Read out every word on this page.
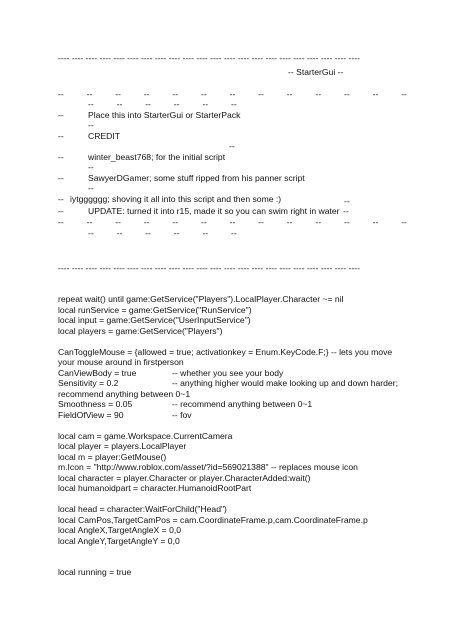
---- ---- ---- ---- ---- ---- ---- ---- ---- ---- ---- ---- ---- ---- ---- ---- ---- ---- ---- ---- ---- ----
-- StarterGui --
--	--	--	--	--	--	--	--	--	--	--	--	--
--	--	--	--	--	--
--	Place this into StarterGui or StarterPack
--
--	CREDIT
--
--	winter_beast768; for the initial script
--
--	SawyerDGamer; some stuff ripped from his panner script
--
-- iytgggggg; shoving it all into this script and then some :)	--
--	UPDATE: turned it into r15, made it so you can swim right in water --
--	--	--	--	--	--	--	--	--	--	--	--	--
--	--	--	--	--	--
---- ---- ---- ---- ---- ---- ---- ---- ---- ---- ---- ---- ---- ---- ---- ---- ---- ---- ---- ---- ---- ----
repeat wait() until game:GetService("Players").LocalPlayer.Character ~= nil
local runService = game:GetService("RunService")
local input = game:GetService("UserInputService")
local players = game:GetService("Players")
CanToggleMouse = {allowed = true; activationkey = Enum.KeyCode.F;} -- lets you move
your mouse around in firstperson
CanViewBody = true	-- whether you see your body
Sensitivity = 0.2	-- anything higher would make looking up and down harder;
recommend anything between 0~1
Smoothness = 0.05	-- recommend anything between 0~1
FieldOfView = 90	-- fov
local cam = game.Workspace.CurrentCamera
local player = players.LocalPlayer
local m = player:GetMouse()
m.Icon = "http://www.roblox.com/asset/?id=569021388" -- replaces mouse icon
local character = player.Character or player.CharacterAdded:wait()
local humanoidpart = character.HumanoidRootPart
local head = character:WaitForChild("Head")
local CamPos,TargetCamPos = cam.CoordinateFrame.p,cam.CoordinateFrame.p
local AngleX,TargetAngleX = 0,0
local AngleY,TargetAngleY = 0,0
local running = true
